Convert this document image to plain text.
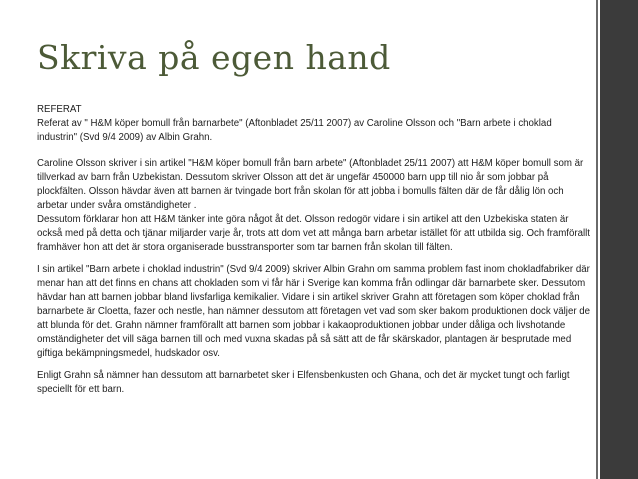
Skriva på egen hand

REFERAT

Referat av " H&M köper bomull från barnarbete" (Aftonbladet 25/11 2007) av Caroline Olsson och "Barn arbete i choklad industrin" (Svd 9/4 2009) av Albin Grahn.

Caroline Olsson skriver i sin artikel "H&M köper bomull från barn arbete" (Aftonbladet 25/11 2007) att H&M köper bomull som är tillverkad av barn från Uzbekistan. Dessutom skriver Olsson att det är ungefär 450000 barn upp till nio år som jobbar på plockfälten. Olsson hävdar även att barnen är tvingade bort från skolan för att jobba i bomulls fälten där de får dålig lön och arbetar under svåra omständigheter .

Dessutom förklarar hon att H&M tänker inte göra något åt det. Olsson redogör vidare i sin artikel att den Uzbekiska staten är också med på detta och tjänar miljarder varje år, trots att dom vet att många barn arbetar istället för att utbilda sig. Och framförallt framhäver hon att det är stora organiserade busstransporter som tar barnen från skolan till fälten.

I sin artikel "Barn arbete i choklad industrin" (Svd 9/4 2009) skriver Albin Grahn om samma problem fast inom chokladfabriker där menar han att det finns en chans att chokladen som vi får här i Sverige kan komma från odlingar där barnarbete sker. Dessutom hävdar han att barnen jobbar bland livsfarliga kemikalier. Vidare i sin artikel skriver Grahn att företagen som köper choklad från barnarbete är Cloetta, fazer och nestle, han nämner dessutom att företagen vet vad som sker bakom produktionen dock väljer de att blunda för det. Grahn nämner framförallt att barnen som jobbar i kakaoproduktionen jobbar under dåliga och livshotande omständigheter det vill säga barnen till och med vuxna skadas på så sätt att de får skärskador, plantagen är besprutade med giftiga bekämpningsmedel, hudskador osv.

Enligt Grahn så nämner han dessutom att barnarbetet sker i Elfensbenkusten och Ghana, och det är mycket tungt och farligt speciellt för ett barn.
